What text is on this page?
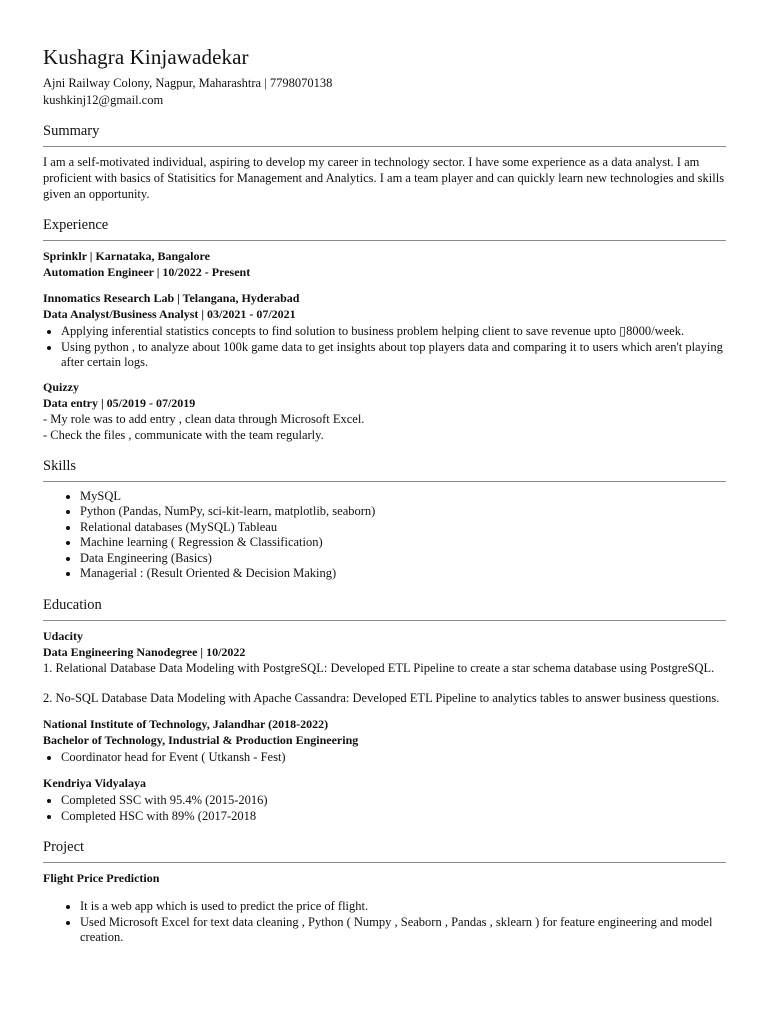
Kushagra Kinjawadekar
Ajni Railway Colony, Nagpur, Maharashtra | 7798070138
kushkinj12@gmail.com
Summary

I am a self-motivated individual, aspiring to develop my career in technology sector. I have some experience as a data analyst. I am proficient with basics of Statisitics for Management and Analytics. I am a team player and can quickly learn new technologies and skills given an opportunity.

Experience

Sprinklr | Karnataka, Bangalore

Automation Engineer | 10/2022 - Present

Innomatics Research Lab | Telangana, Hyderabad

Data Analyst/Business Analyst | 03/2021 - 07/2021

• Applying inferential statistics concepts to find solution to business problem helping client to save revenue upto ▯8000/week.
• Using python , to analyze about 100k game data to get insights about top players data and comparing it to users which aren't playing after certain logs.

Quizzy

Data entry | 05/2019 - 07/2019

- My role was to add entry , clean data through Microsoft Excel.

- Check the files , communicate with the team regularly.

Skills
• MySQL
• Python (Pandas, NumPy, sci-kit-learn, matplotlib, seaborn)
• Relational databases (MySQL) Tableau
• Machine learning ( Regression & Classification)
• Data Engineering (Basics)
• Managerial : (Result Oriented & Decision Making)
Education

Udacity

Data Engineering Nanodegree | 10/2022

1. Relational Database Data Modeling with PostgreSQL: Developed ETL Pipeline to create a star schema database using PostgreSQL.

2. No-SQL Database Data Modeling with Apache Cassandra: Developed ETL Pipeline to analytics tables to answer business questions.

National Institute of Technology, Jalandhar (2018-2022)

Bachelor of Technology, Industrial & Production Engineering

• Coordinator head for Event ( Utkansh - Fest)

Kendriya Vidyalaya

• Completed SSC with 95.4% (2015-2016)
• Completed HSC with 89% (2017-2018
Project

Flight Price Prediction

• It is a web app which is used to predict the price of flight.
• Used Microsoft Excel for text data cleaning , Python ( Numpy , Seaborn , Pandas , sklearn ) for feature engineering and model creation.
